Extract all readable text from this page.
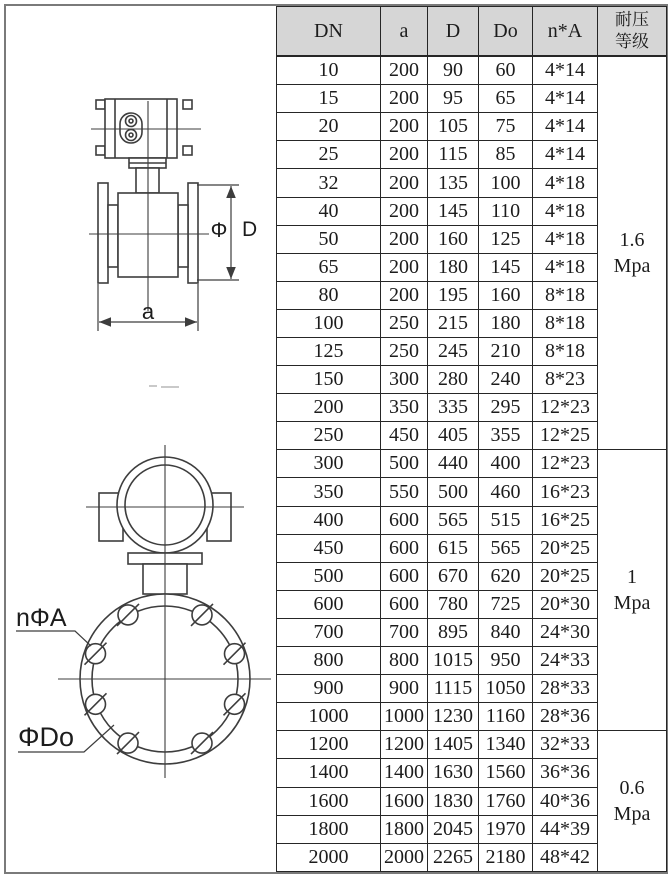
Φ D
a
nΦA
ΦDo
DN	a	D	Do	n*A	耐压
等级
10	200	90	60	4*14	1.6
Mpa

15	200	95	65	4*14	
20	200	105	75	4*14	
25	200	115	85	4*14	
32	200	135	100	4*18	
40	200	145	110	4*18	
50	200	160	125	4*18	
65	200	180	145	4*18	
80	200	195	160	8*18	
100	250	215	180	8*18	
125	250	245	210	8*18	
150	300	280	240	8*23	
200	350	335	295	12*23	
250	450	405	355	12*25	
300	500	440	400	12*23	1
Mpa

350	550	500	460	16*23	
400	600	565	515	16*25	
450	600	615	565	20*25	
500	600	670	620	20*25	
600	600	780	725	20*30	
700	700	895	840	24*30	
800	800	1015	950	24*33	
900	900	1115	1050	28*33	
1000	1000	1230	1160	28*36	
1200	1200	1405	1340	32*33	0.6
Mpa

1400	1400	1630	1560	36*36	
1600	1600	1830	1760	40*36	
1800	1800	2045	1970	44*39	
2000	2000	2265	2180	48*42	
